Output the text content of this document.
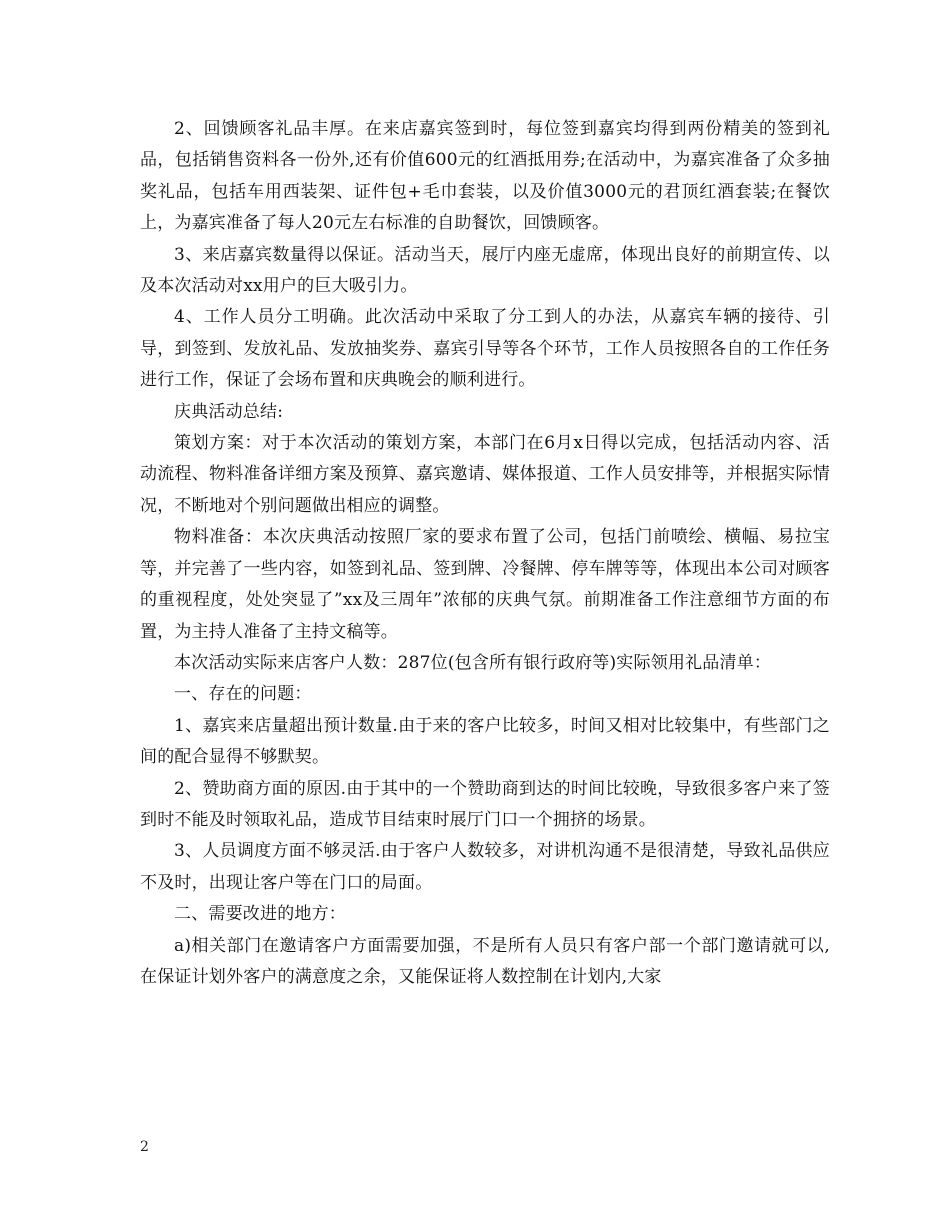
2、回馈顾客礼品丰厚。在来店嘉宾签到时，每位签到嘉宾均得到两份精美的签到礼品，包括销售资料各一份外,还有价值600元的红酒抵用券;在活动中，为嘉宾准备了众多抽奖礼品，包括车用西装架、证件包+毛巾套装，以及价值3000元的君顶红酒套装;在餐饮上，为嘉宾准备了每人20元左右标准的自助餐饮，回馈顾客。

3、来店嘉宾数量得以保证。活动当天，展厅内座无虚席，体现出良好的前期宣传、以及本次活动对xx用户的巨大吸引力。

4、工作人员分工明确。此次活动中采取了分工到人的办法，从嘉宾车辆的接待、引导，到签到、发放礼品、发放抽奖券、嘉宾引导等各个环节，工作人员按照各自的工作任务进行工作，保证了会场布置和庆典晚会的顺利进行。

庆典活动总结:

策划方案：对于本次活动的策划方案，本部门在6月x日得以完成，包括活动内容、活动流程、物料准备详细方案及预算、嘉宾邀请、媒体报道、工作人员安排等，并根据实际情况，不断地对个别问题做出相应的调整。

物料准备：本次庆典活动按照厂家的要求布置了公司，包括门前喷绘、横幅、易拉宝等，并完善了一些内容，如签到礼品、签到牌、冷餐牌、停车牌等等，体现出本公司对顾客的重视程度，处处突显了”xx及三周年”浓郁的庆典气氛。前期准备工作注意细节方面的布置，为主持人准备了主持文稿等。

本次活动实际来店客户人数：287位(包含所有银行政府等)实际领用礼品清单：

一、存在的问题：

1、嘉宾来店量超出预计数量.由于来的客户比较多，时间又相对比较集中，有些部门之间的配合显得不够默契。

2、赞助商方面的原因.由于其中的一个赞助商到达的时间比较晚，导致很多客户来了签到时不能及时领取礼品，造成节目结束时展厅门口一个拥挤的场景。

3、人员调度方面不够灵活.由于客户人数较多，对讲机沟通不是很清楚，导致礼品供应不及时，出现让客户等在门口的局面。

二、需要改进的地方：

a)相关部门在邀请客户方面需要加强，不是所有人员只有客户部一个部门邀请就可以,在保证计划外客户的满意度之余，又能保证将人数控制在计划内,大家

2
